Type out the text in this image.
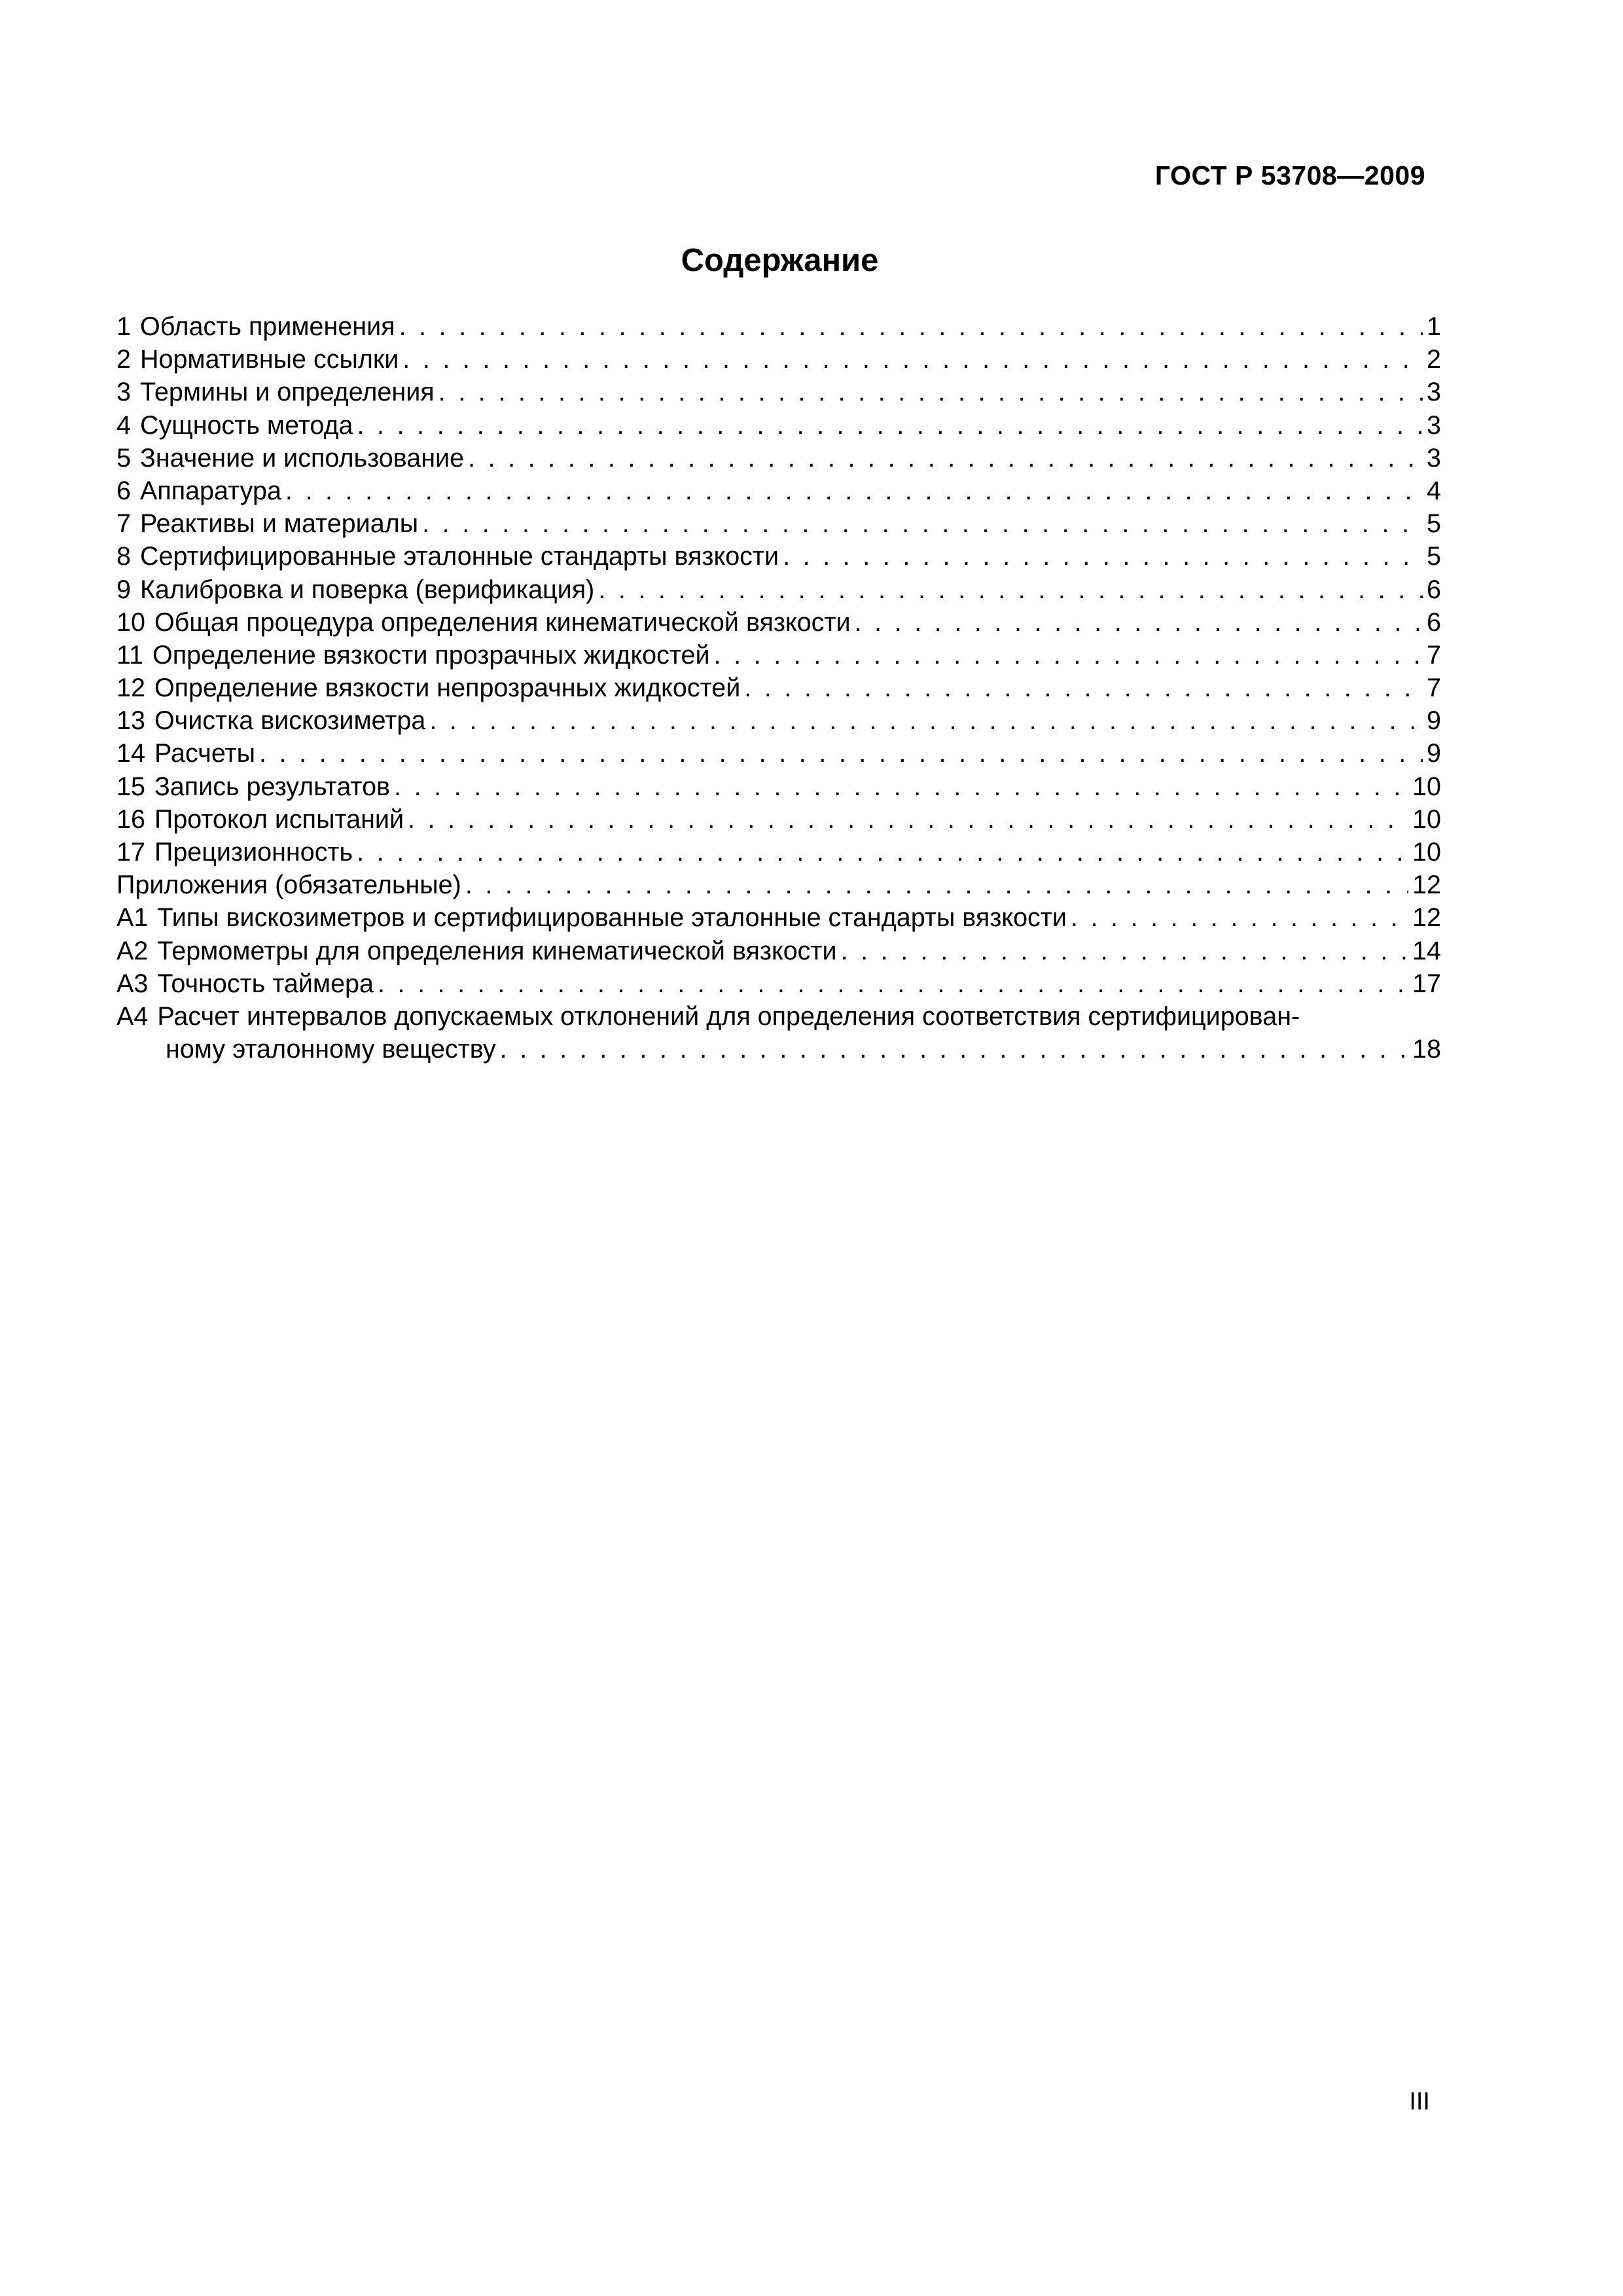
ГОСТ Р 53708—2009
Содержание
1 Область применения . . .	1
2 Нормативные ссылки . . .	2
3 Термины и определения . . .	3
4 Сущность метода . . .	3
5 Значение и использование . . .	3
6 Аппаратура . . .	4
7 Реактивы и материалы . . .	5
8 Сертифицированные эталонные стандарты вязкости . . .	5
9 Калибровка и поверка (верификация) . . .	6
10 Общая процедура определения кинематической вязкости . . .	6
11 Определение вязкости прозрачных жидкостей . . .	7
12 Определение вязкости непрозрачных жидкостей . . .	7
13 Очистка вискозиметра . . .	9
14 Расчеты . . .	9
15 Запись результатов . . .	10
16 Протокол испытаний . . .	10
17 Прецизионность . . .	10
Приложения (обязательные) . . .	12
А1 Типы вискозиметров и сертифицированные эталонные стандарты вязкости . . .	12
А2 Термометры для определения кинематической вязкости . . .	14
А3 Точность таймера . . .	17
А4 Расчет интервалов допускаемых отклонений для определения соответствия сертифицирован-
ному эталонному веществу . . .	18
III
